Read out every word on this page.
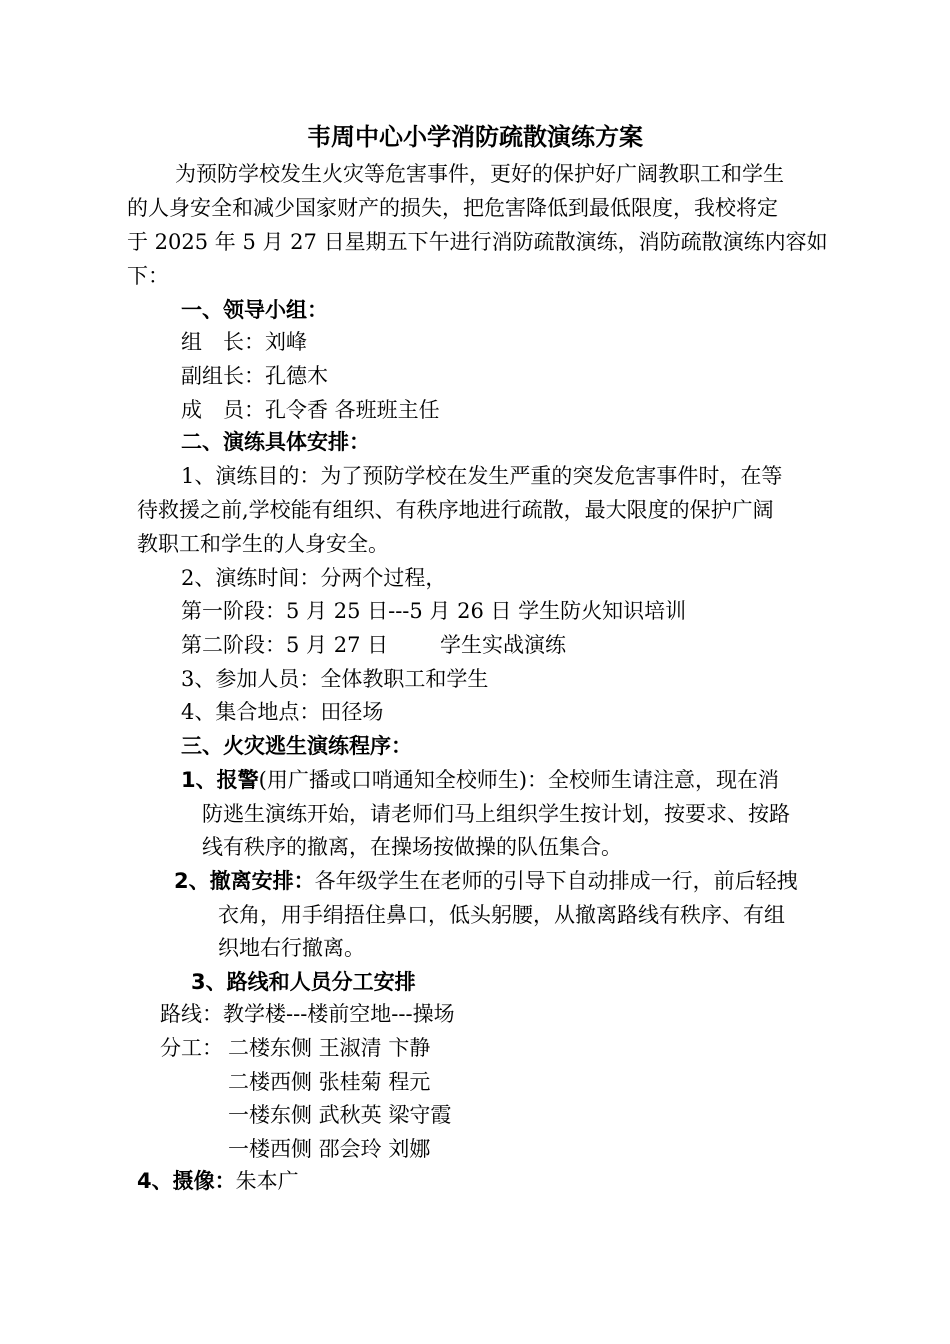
韦周中心小学消防疏散演练方案
为预防学校发生火灾等危害事件，更好的保护好广阔教职工和学生
的人身安全和减少国家财产的损失，把危害降低到最低限度，我校将定
于 2025 年 5 月 27 日星期五下午进行消防疏散演练，消防疏散演练内容如
下：
一、领导小组：
组　长：刘峰
副组长：孔德木
成　员：孔令香 各班班主任
二、演练具体安排：
1、演练目的：为了预防学校在发生严重的突发危害事件时，在等
待救援之前,学校能有组织、有秩序地进行疏散，最大限度的保护广阔
教职工和学生的人身安全。
2、演练时间：分两个过程，
第一阶段：5 月 25 日---5 月 26 日 学生防火知识培训
第二阶段：5 月 27 日 学生实战演练
3、参加人员：全体教职工和学生
4、集合地点：田径场
三、火灾逃生演练程序：
1、报警(用广播或口哨通知全校师生)：全校师生请注意，现在消
防逃生演练开始，请老师们马上组织学生按计划，按要求、按路
线有秩序的撤离，在操场按做操的队伍集合。
2、撤离安排：各年级学生在老师的引导下自动排成一行，前后轻拽
衣角，用手绢捂住鼻口，低头躬腰，从撤离路线有秩序、有组
织地右行撤离。
3、路线和人员分工安排
路线：教学楼---楼前空地---操场
分工： 二楼东侧 王淑清 卞静
二楼西侧 张桂菊 程元
一楼东侧 武秋英 梁守霞
一楼西侧 邵会玲 刘娜
4、摄像：朱本广
